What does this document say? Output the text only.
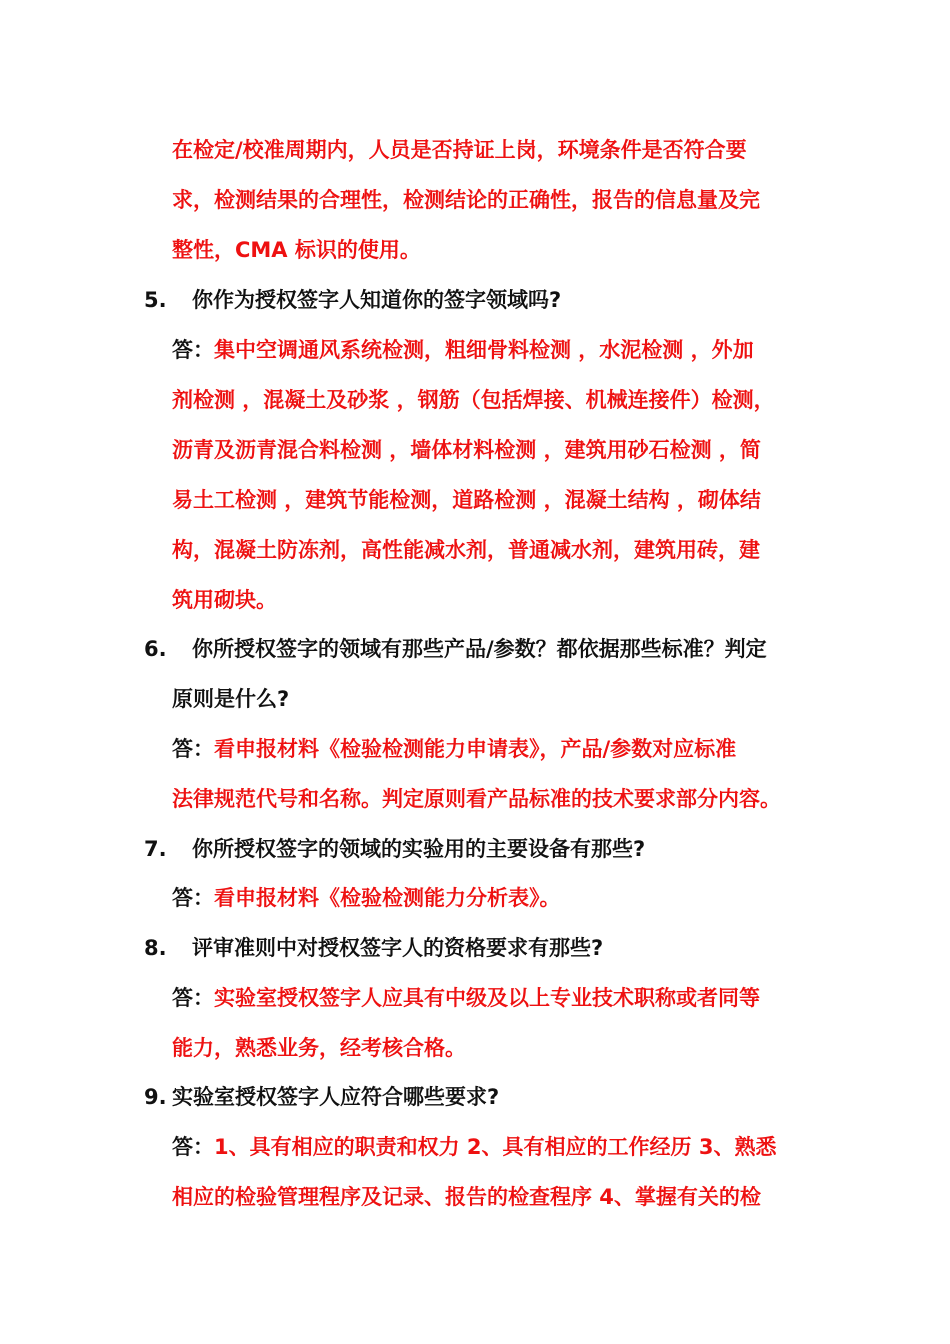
在检定/校准周期内，人员是否持证上岗，环境条件是否符合要
求，检测结果的合理性，检测结论的正确性，报告的信息量及完
整性，CMA 标识的使用。
5. 你作为授权签字人知道你的签字领域吗?
答：集中空调通风系统检测，粗细骨料检测 ，水泥检测 ，外加
剂检测 ，混凝土及砂浆 ，钢筋（包括焊接、机械连接件）检测，
沥青及沥青混合料检测 ，墙体材料检测 ，建筑用砂石检测 ，简
易土工检测 ，建筑节能检测，道路检测 ，混凝土结构 ，砌体结
构，混凝土防冻剂，高性能减水剂，普通减水剂，建筑用砖，建
筑用砌块。
6. 你所授权签字的领域有那些产品/参数？都依据那些标准？判定
原则是什么?
答：看申报材料《检验检测能力申请表》，产品/参数对应标准
法律规范代号和名称。判定原则看产品标准的技术要求部分内容。
7. 你所授权签字的领域的实验用的主要设备有那些?
答：看申报材料《检验检测能力分析表》。
8. 评审准则中对授权签字人的资格要求有那些?
答：实验室授权签字人应具有中级及以上专业技术职称或者同等
能力，熟悉业务，经考核合格。
9. 实验室授权签字人应符合哪些要求?
答：1、具有相应的职责和权力 2、具有相应的工作经历 3、熟悉
相应的检验管理程序及记录、报告的检查程序 4、掌握有关的检
